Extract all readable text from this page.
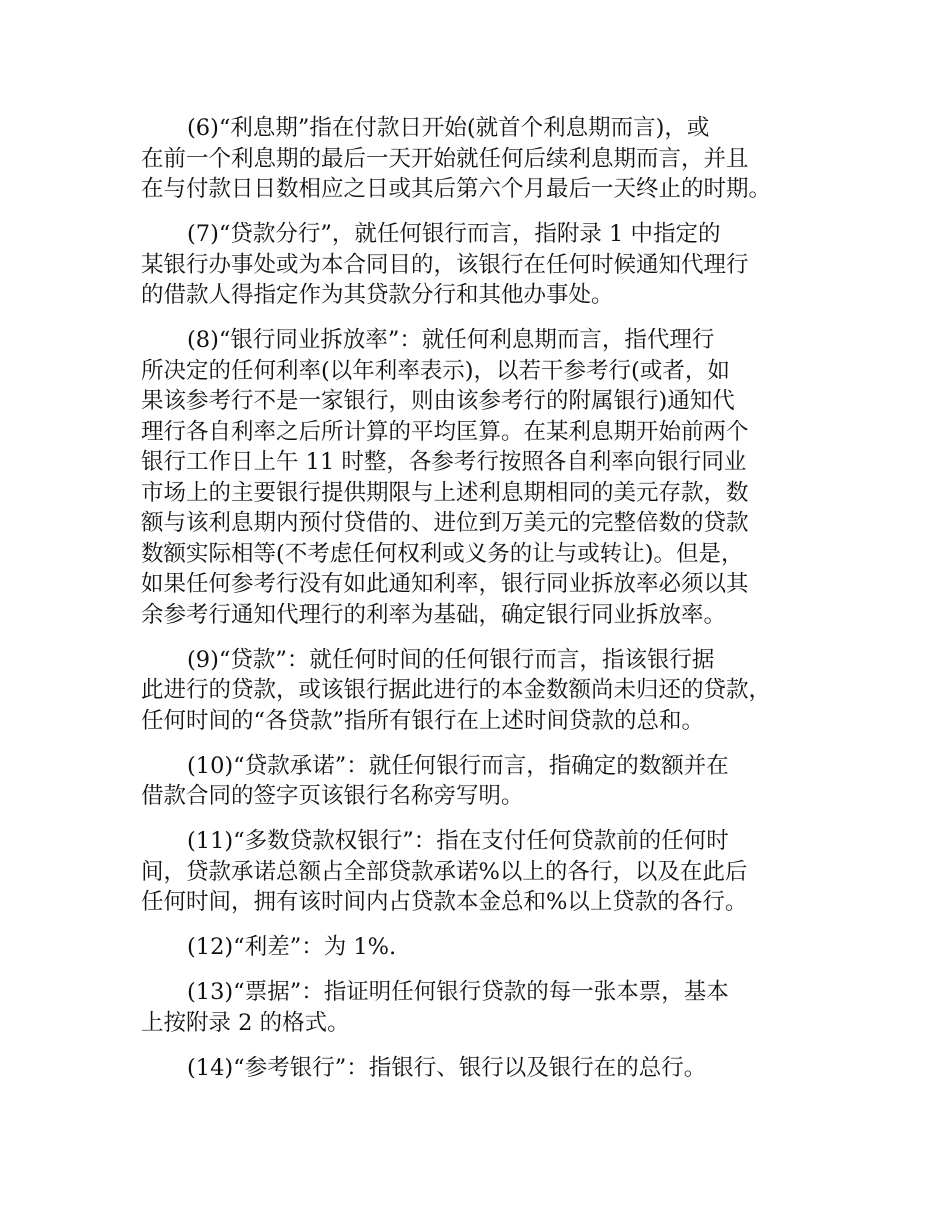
(6)“利息期”指在付款日开始(就首个利息期而言)，或
在前一个利息期的最后一天开始就任何后续利息期而言，并且
在与付款日日数相应之日或其后第六个月最后一天终止的时期。

(7)“贷款分行”，就任何银行而言，指附录 1 中指定的
某银行办事处或为本合同目的，该银行在任何时候通知代理行
的借款人得指定作为其贷款分行和其他办事处。

(8)“银行同业拆放率”：就任何利息期而言，指代理行
所决定的任何利率(以年利率表示)，以若干参考行(或者，如
果该参考行不是一家银行，则由该参考行的附属银行)通知代
理行各自利率之后所计算的平均匡算。在某利息期开始前两个
银行工作日上午 11 时整，各参考行按照各自利率向银行同业
市场上的主要银行提供期限与上述利息期相同的美元存款，数
额与该利息期内预付贷借的、进位到万美元的完整倍数的贷款
数额实际相等(不考虑任何权利或义务的让与或转让)。但是，
如果任何参考行没有如此通知利率，银行同业拆放率必须以其
余参考行通知代理行的利率为基础，确定银行同业拆放率。

(9)“贷款”：就任何时间的任何银行而言，指该银行据
此进行的贷款，或该银行据此进行的本金数额尚未归还的贷款，
任何时间的“各贷款”指所有银行在上述时间贷款的总和。

(10)“贷款承诺”：就任何银行而言，指确定的数额并在
借款合同的签字页该银行名称旁写明。

(11)“多数贷款权银行”：指在支付任何贷款前的任何时
间，贷款承诺总额占全部贷款承诺%以上的各行，以及在此后
任何时间，拥有该时间内占贷款本金总和%以上贷款的各行。

(12)“利差”：为 1%.

(13)“票据”：指证明任何银行贷款的每一张本票，基本
上按附录 2 的格式。

(14)“参考银行”：指银行、银行以及银行在的总行。
